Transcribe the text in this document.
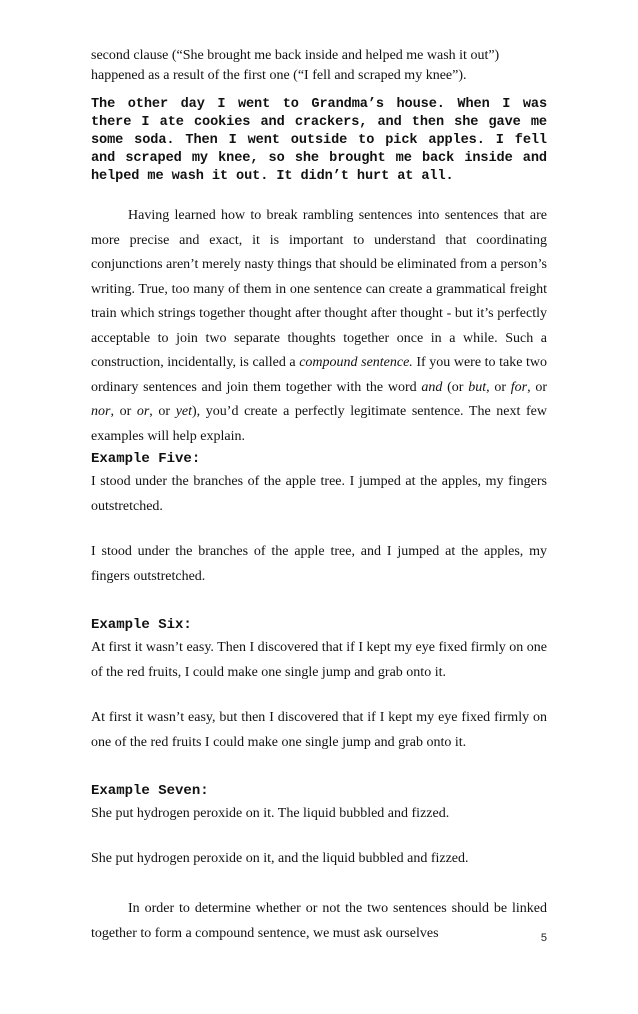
second clause (“She brought me back inside and helped me wash it out”)
happened as a result of the first one (“I fell and scraped my knee”).

The other day I went to Grandma’s house. When I was there I ate cookies and crackers, and then she gave me some soda. Then I went outside to pick apples. I fell and scraped my knee, so she brought me back inside and helped me wash it out. It didn’t hurt at all.

Having learned how to break rambling sentences into sentences that are more precise and exact, it is important to understand that coordinating conjunctions aren’t merely nasty things that should be eliminated from a person’s writing. True, too many of them in one sentence can create a grammatical freight train which strings together thought after thought after thought - but it’s perfectly acceptable to join two separate thoughts together once in a while. Such a construction, incidentally, is called a compound sentence. If you were to take two ordinary sentences and join them together with the word and (or but, or for, or nor, or or, or yet), you’d create a perfectly legitimate sentence. The next few examples will help explain.

Example Five:

I stood under the branches of the apple tree. I jumped at the apples, my fingers outstretched.

I stood under the branches of the apple tree, and I jumped at the apples, my fingers outstretched.

Example Six:

At first it wasn’t easy. Then I discovered that if I kept my eye fixed firmly on one of the red fruits, I could make one single jump and grab onto it.

At first it wasn’t easy, but then I discovered that if I kept my eye fixed firmly on one of the red fruits I could make one single jump and grab onto it.

Example Seven:

She put hydrogen peroxide on it. The liquid bubbled and fizzed.

She put hydrogen peroxide on it, and the liquid bubbled and fizzed.

In order to determine whether or not the two sentences should be linked together to form a compound sentence, we must ask ourselves	5
